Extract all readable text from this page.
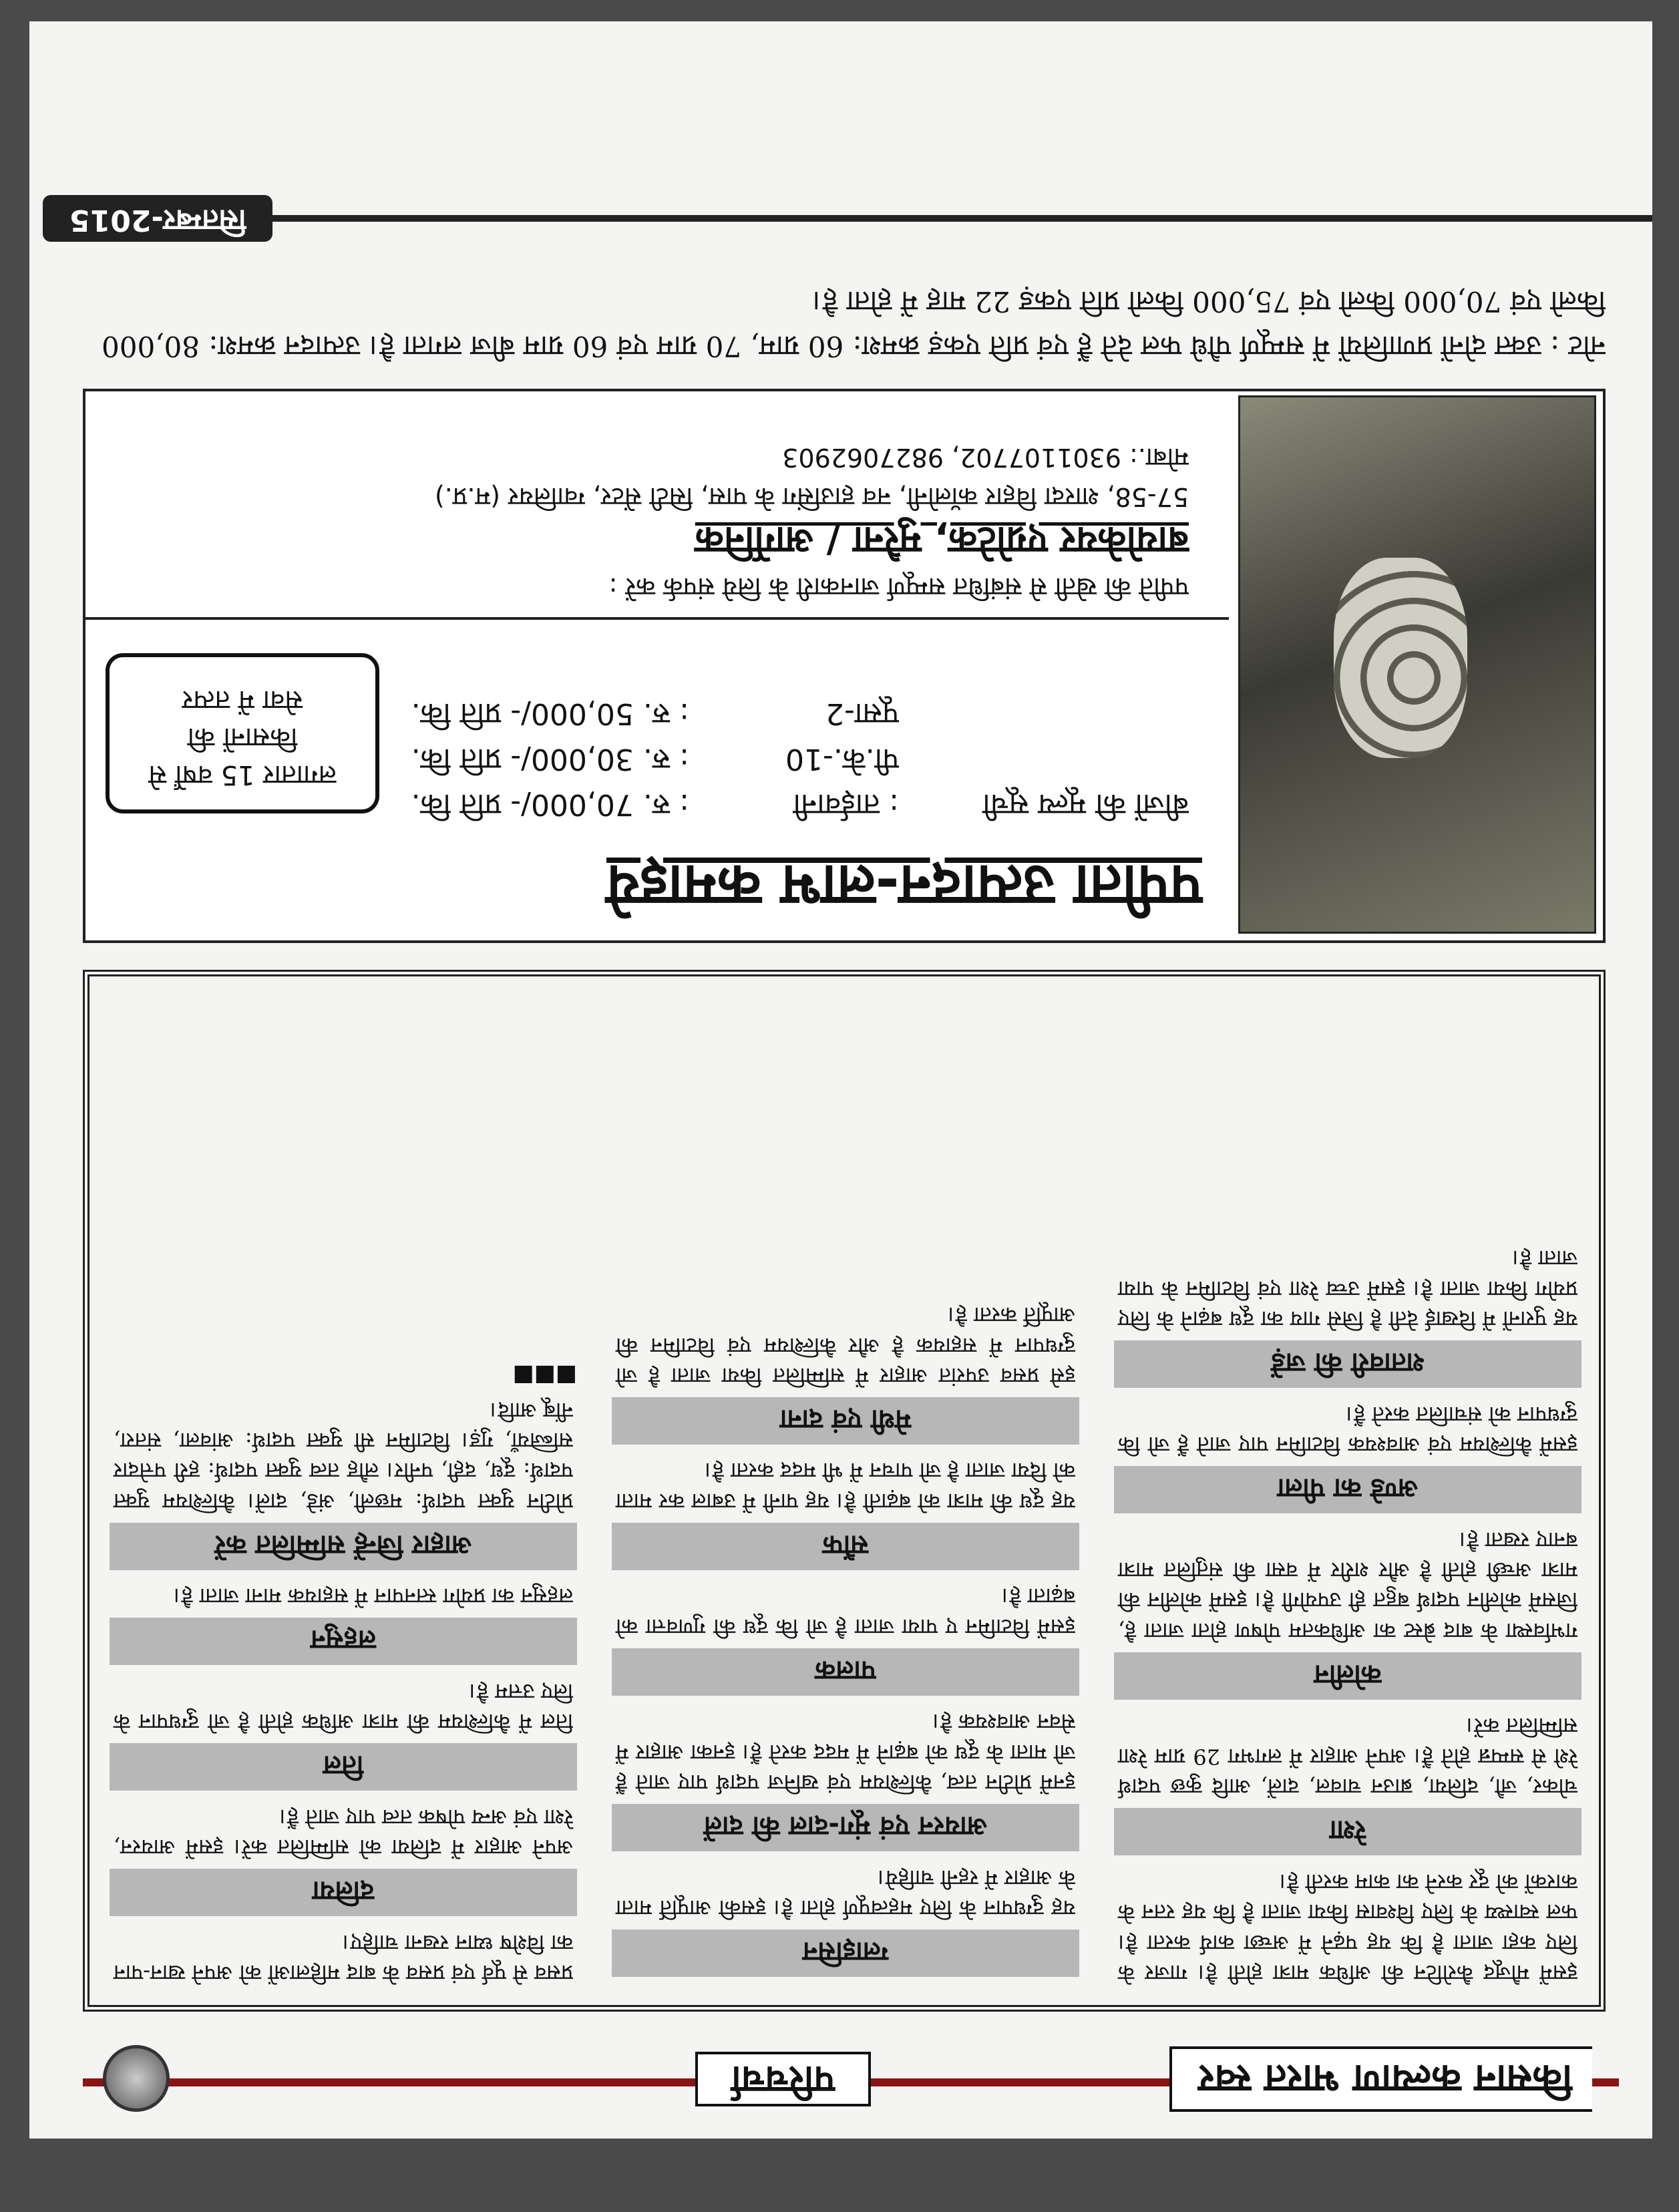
किसान कल्याण भारत स्वर
परिचर्चा
इसमें मौजूद कैरोटिन की अधिक मात्रा होती है। गाजर के लिए कहा जाता है कि यह पढ़ने में अच्छा कार्य करता है। फल स्वास्थ्य के लिए विश्वास किया जाता है कि यह रतन के कारकों को दूर करने का काम करती है।
रेशा
चोकर, जौ, दलिया, ब्राउन चावल, दालें, आदि कुछ पदार्थ रेशे से सम्पन्न होते हैं। अपने आहार में लगभग 29 ग्राम रेशा सम्मिलित करें।
कोलीन
गर्भावस्था के बाद ब्रेस्ट का अधिकतम पोषण होता जाता है, जिसमें कोलीन पदार्थ बहुत ही उपयोगी है। इसमें कोलीन की मात्रा अच्छी होती है और शरीर में वसा की संतुलित मात्रा बनाए रखता है।
अण्डे का पीला
इसमें कैल्शियम एवं आवश्यक विटामिन पाए जाते हैं जो कि दुग्धपान को संचालित करते हैं।
शतावरी की जड़ें
यह पुरानों में दिखाई देती है जिसे गाय का दूध बढ़ाने के लिए प्रयोग किया जाता है। इसमें उच्च रेशा एवं विटामिन के पाया जाता है।
ग्लाइसिन
यह दुग्धपान के लिए महत्वपूर्ण होता है। इसकी आपूर्ति माता के आहार में रहनी चाहिये।
आयरन एवं मूंग-दाल की दालें
इनमें प्रोटीन तत्व, कैल्शियम एवं खनिज पदार्थ पाए जाते हैं जो माता के दूध को बढ़ाने में मदद करते हैं। इनका आहार में सेवन आवश्यक है।
पालक
इसमें विटामिन ए पाया जाता है जो कि दूध की गुणवत्ता को बढ़ाता है।
सौंफ
यह दूध की मात्रा को बढ़ाती है। यह पानी में उबाल कर माता को दिया जाता है जो पाचन में भी मदद करता है।
मेथी एवं दाना
इसे प्रसव उपरांत आहार में सम्मिलित किया जाता है जो दुग्धपान में सहायक है और कैल्शियम एवं विटामिन की आपूर्ति करता है।
प्रसव से पूर्व एवं प्रसव के बाद महिलाओं को अपने खान-पान का विशेष ध्यान रखना चाहिए।
दलिया
अपने आहार में दलिया को सम्मिलित करें। इसमें आयरन, रेशा एवं अन्य पोषक तत्व पाए जाते हैं।
तिल
तिल में कैल्शियम की मात्रा अधिक होती है जो दुग्धपान के लिए उत्तम है।
लहसुन
लहसुन का प्रयोग स्तनपान में सहायक माना जाता है।
आहार जिन्हें सम्मिलित करें
प्रोटीन युक्त पदार्थ: मछली, अंडे, दालें। कैल्शियम युक्त पदार्थ: दूध, दही, पनीर। लौह तत्व युक्त पदार्थ: हरी पत्तेदार सब्जियाँ, गुड़। विटामिन सी युक्त पदार्थ: आंवला, संतरा, नींबू आदि।
■■■
पपीता उत्पादन-लाभ कमाइये
बीजों की मूल्य सूची : ताईवानी : रु. 70,000/- प्रति कि.
पी.के.-10 : रु. 30,000/- प्रति कि.
पूसा-2 : रु. 50,000/- प्रति कि.
लगातार 15 वर्षों से
किसानों की
सेवा में तत्पर
पपीते की खेती से संबंधित सम्पूर्ण जानकारी के लिये संपर्क करें :
बायोकेयर एग्रोटेक, मुरैना / आर्गेनिक
57-58, शारदा विहार कॉलोनी, नव हाउसिंग के पास, सिटी सेंटर, ग्वालियर (म.प्र.)
मोबा.: 9301107702, 9827062903
नोट : उक्त दोनों प्रणालियों में सम्पूर्ण पौधे फल देते हैं एवं प्रति एकड़ क्रमश: 60 ग्राम, 70 ग्राम एवं 60 ग्राम बीज लगता है। उत्पादन क्रमश: 80,000 किलो एवं 70,000 किलो एवं 75,000 किलो प्रति एकड़ 22 माह में होता है।
सितम्बर-2015
